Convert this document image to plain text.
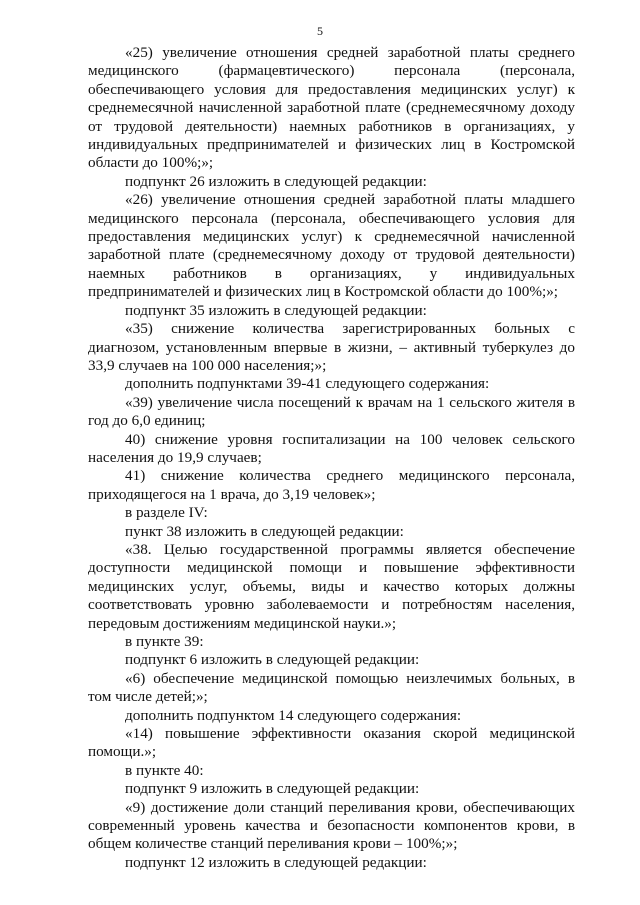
5

«25) увеличение отношения средней заработной платы среднего медицинского (фармацевтического) персонала (персонала, обеспечивающего условия для предоставления медицинских услуг) к среднемесячной начисленной заработной плате (среднемесячному доходу от трудовой деятельности) наемных работников в организациях, у индивидуальных предпринимателей и физических лиц в Костромской области до 100%;»;

подпункт 26 изложить в следующей редакции:

«26) увеличение отношения средней заработной платы младшего медицинского персонала (персонала, обеспечивающего условия для предоставления медицинских услуг) к среднемесячной начисленной заработной плате (среднемесячному доходу от трудовой деятельности) наемных работников в организациях, у индивидуальных предпринимателей и физических лиц в Костромской области до 100%;»;

подпункт 35 изложить в следующей редакции:

«35) снижение количества зарегистрированных больных с диагнозом, установленным впервые в жизни, – активный туберкулез до 33,9 случаев на 100 000 населения;»;

дополнить подпунктами 39-41 следующего содержания:

«39) увеличение числа посещений к врачам на 1 сельского жителя в год до 6,0 единиц;

40) снижение уровня госпитализации на 100 человек сельского населения до 19,9 случаев;

41) снижение количества среднего медицинского персонала, приходящегося на 1 врача, до 3,19 человек»;

в разделе IV:

пункт 38 изложить в следующей редакции:

«38. Целью государственной программы является обеспечение доступности медицинской помощи и повышение эффективности медицинских услуг, объемы, виды и качество которых должны соответствовать уровню заболеваемости и потребностям населения, передовым достижениям медицинской науки.»;

в пункте 39:

подпункт 6 изложить в следующей редакции:

«6) обеспечение медицинской помощью неизлечимых больных, в том числе детей;»;

дополнить подпунктом 14 следующего содержания:

«14) повышение эффективности оказания скорой медицинской помощи.»;

в пункте 40:

подпункт 9 изложить в следующей редакции:

«9) достижение доли станций переливания крови, обеспечивающих современный уровень качества и безопасности компонентов крови, в общем количестве станций переливания крови – 100%;»;

подпункт 12 изложить в следующей редакции:
